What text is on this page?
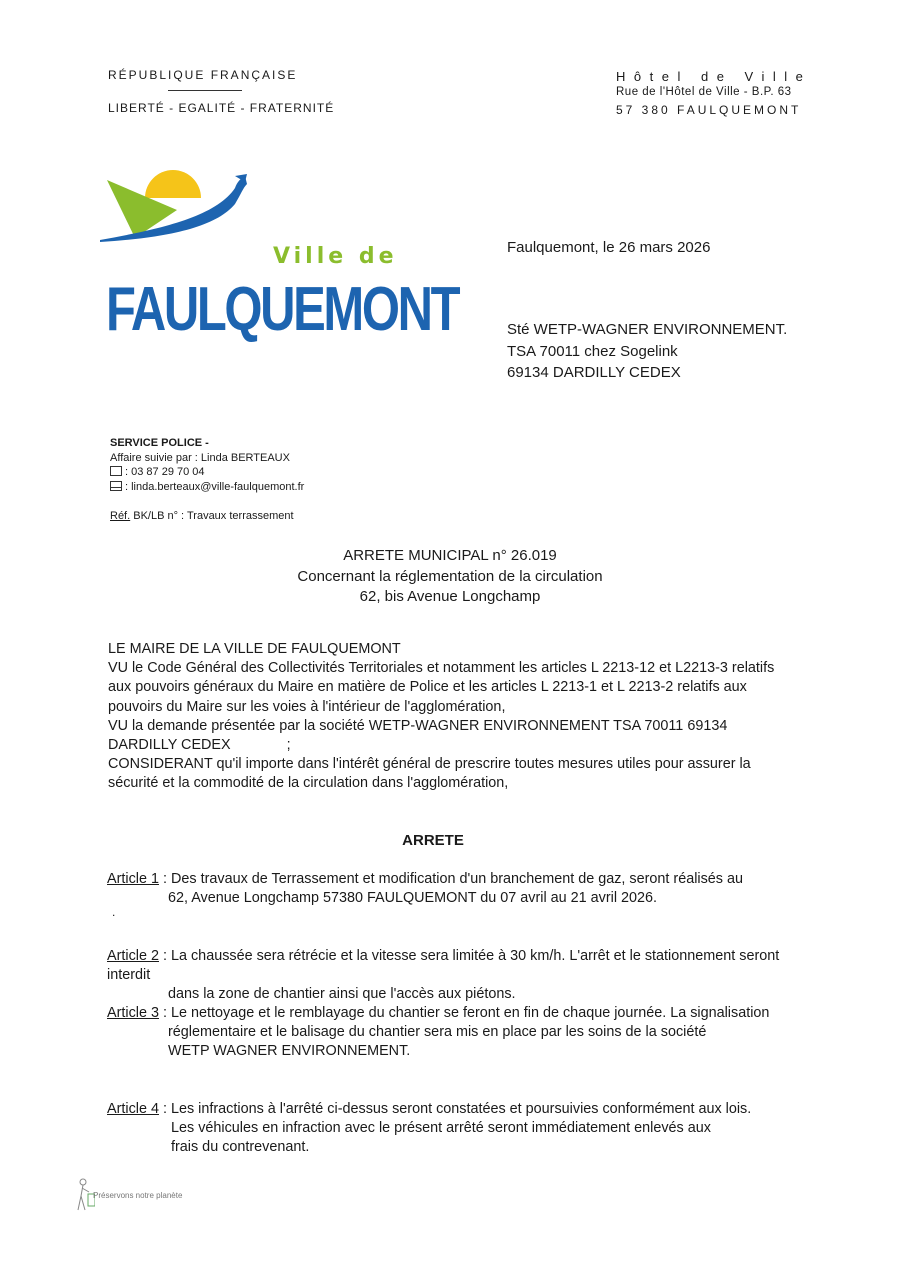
RÉPUBLIQUE FRANÇAISE
LIBERTÉ - EGALITÉ - FRATERNITÉ
Hôtel de Ville
Rue de l'Hôtel de Ville - B.P. 63
57 380 FAULQUEMONT
Ville de
FAULQUEMONT
Faulquemont, le 26 mars 2026
Sté WETP-WAGNER ENVIRONNEMENT.
TSA 70011 chez Sogelink
69134 DARDILLY CEDEX
SERVICE POLICE -
Affaire suivie par : Linda BERTEAUX
: 03 87 29 70 04
: linda.berteaux@ville-faulquemont.fr
Réf. BK/LB n° : Travaux terrassement
ARRETE MUNICIPAL n° 26.019
Concernant la réglementation de la circulation
62, bis Avenue Longchamp

LE MAIRE DE LA VILLE DE FAULQUEMONT

VU le Code Général des Collectivités Territoriales et notamment les articles L 2213-12 et L2213-3 relatifs aux pouvoirs généraux du Maire en matière de Police et les articles L 2213-1 et L 2213-2 relatifs aux pouvoirs du Maire sur les voies à l'intérieur de l'agglomération,

VU la demande présentée par la société WETP-WAGNER ENVIRONNEMENT TSA 70011 69134 DARDILLY CEDEX              ;

CONSIDERANT qu'il importe dans l'intérêt général de prescrire toutes mesures utiles pour assurer la sécurité et la commodité de la circulation dans l'agglomération,

ARRETE
Article 1 : Des travaux de Terrassement et modification d'un branchement de gaz, seront réalisés au
62, Avenue Longchamp 57380 FAULQUEMONT du 07 avril au 21 avril 2026.
.
Article 2 : La chaussée sera rétrécie et la vitesse sera limitée à 30 km/h. L'arrêt et le stationnement seront interdit
dans la zone de chantier ainsi que l'accès aux piétons.
Article 3 : Le nettoyage et le remblayage du chantier se feront en fin de chaque journée. La signalisation
réglementaire et le balisage du chantier sera mis en place par les soins de la société WETP WAGNER ENVIRONNEMENT.
Article 4 : Les infractions à l'arrêté ci-dessus seront constatées et poursuivies conformément aux lois.
Les véhicules en infraction avec le présent arrêté seront immédiatement enlevés aux frais du contrevenant.
Préservons notre planète
